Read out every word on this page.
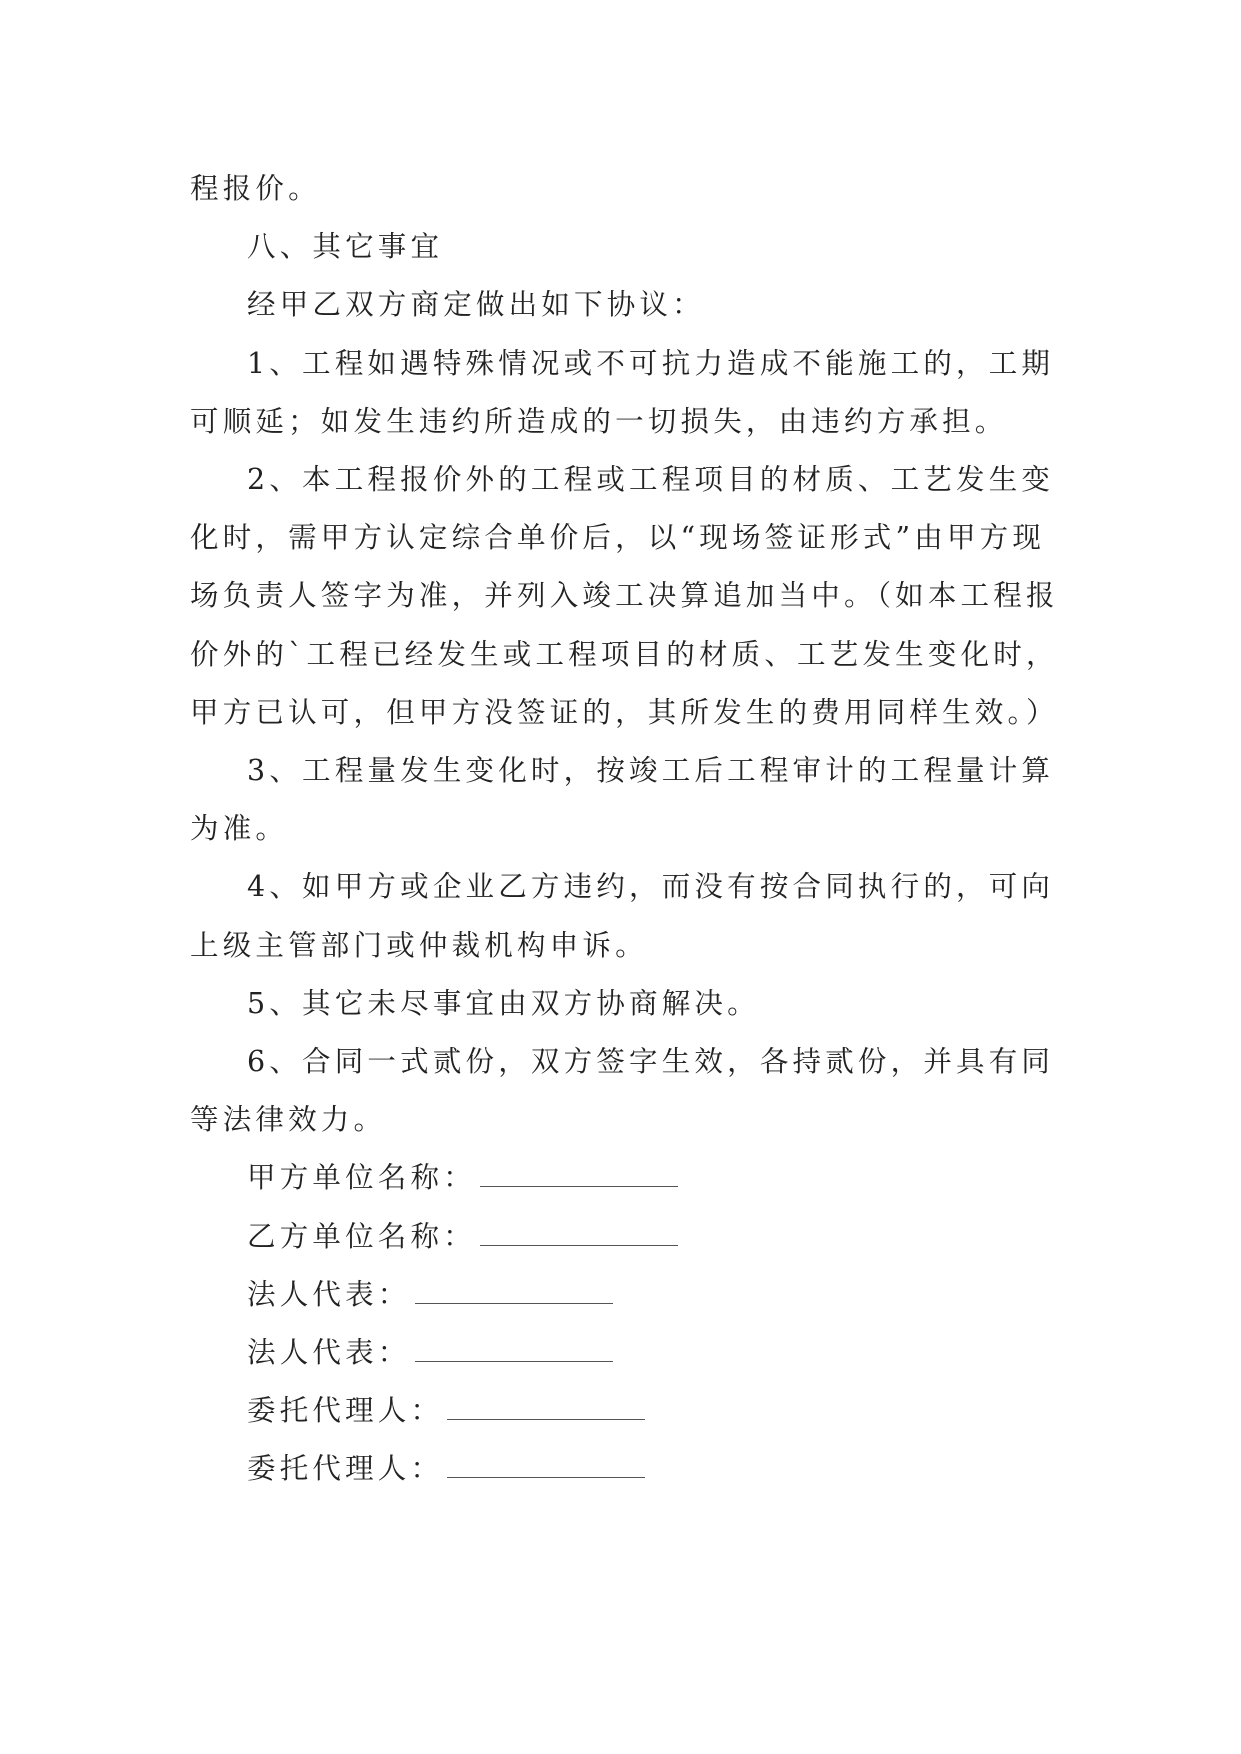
程报价。

八、其它事宜

经甲乙双方商定做出如下协议：

1、工程如遇特殊情况或不可抗力造成不能施工的，工期可顺延；如发生违约所造成的一切损失，由违约方承担。

2、本工程报价外的工程或工程项目的材质、工艺发生变化时，需甲方认定综合单价后，以“现场签证形式”由甲方现场负责人签字为准，并列入竣工决算追加当中。（如本工程报价外的`工程已经发生或工程项目的材质、工艺发生变化时，甲方已认可，但甲方没签证的，其所发生的费用同样生效。）

3、工程量发生变化时，按竣工后工程审计的工程量计算为准。

4、如甲方或企业乙方违约，而没有按合同执行的，可向上级主管部门或仲裁机构申诉。

5、其它未尽事宜由双方协商解决。

6、合同一式贰份，双方签字生效，各持贰份，并具有同等法律效力。

甲方单位名称：

乙方单位名称：

法人代表：

法人代表：

委托代理人：

委托代理人：
